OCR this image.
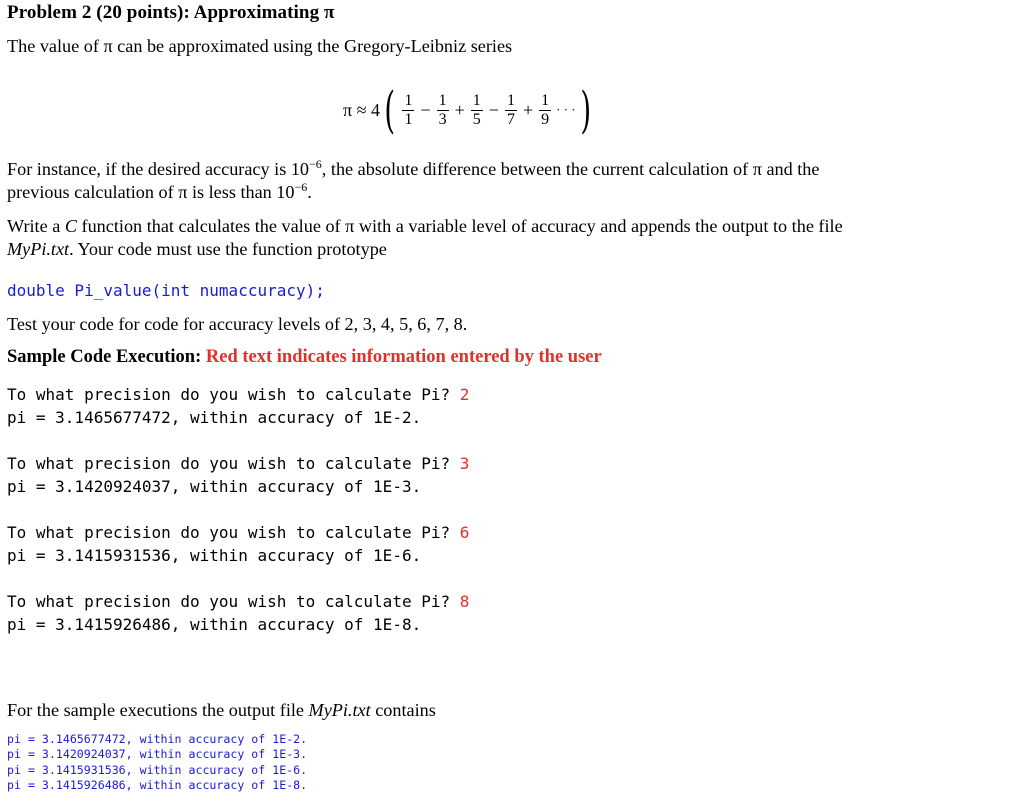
Problem 2 (20 points): Approximating π
The value of π can be approximated using the Gregory-Leibniz series
π ≈ 4 ( $\frac{1}{1} - \frac{1}{3} + \frac{1}{5} - \frac{1}{7} + \frac{1}{9}$ · · · )
For instance, if the desired accuracy is $10^{-6}$, the absolute difference between the current calculation of π and the
previous calculation of π is less than $10^{-6}$.
Write a C function that calculates the value of π with a variable level of accuracy and appends the output to the file
MyPi.txt. Your code must use the function prototype
double Pi_value(int numaccuracy);
Test your code for code for accuracy levels of 2, 3, 4, 5, 6, 7, 8.
Sample Code Execution: Red text indicates information entered by the user
To what precision do you wish to calculate Pi? 2
pi = 3.1465677472, within accuracy of 1E-2.
To what precision do you wish to calculate Pi? 3
pi = 3.1420924037, within accuracy of 1E-3.
To what precision do you wish to calculate Pi? 6
pi = 3.1415931536, within accuracy of 1E-6.
To what precision do you wish to calculate Pi? 8
pi = 3.1415926486, within accuracy of 1E-8.
For the sample executions the output file MyPi.txt contains
pi = 3.1465677472, within accuracy of 1E-2.
pi = 3.1420924037, within accuracy of 1E-3.
pi = 3.1415931536, within accuracy of 1E-6.
pi = 3.1415926486, within accuracy of 1E-8.
